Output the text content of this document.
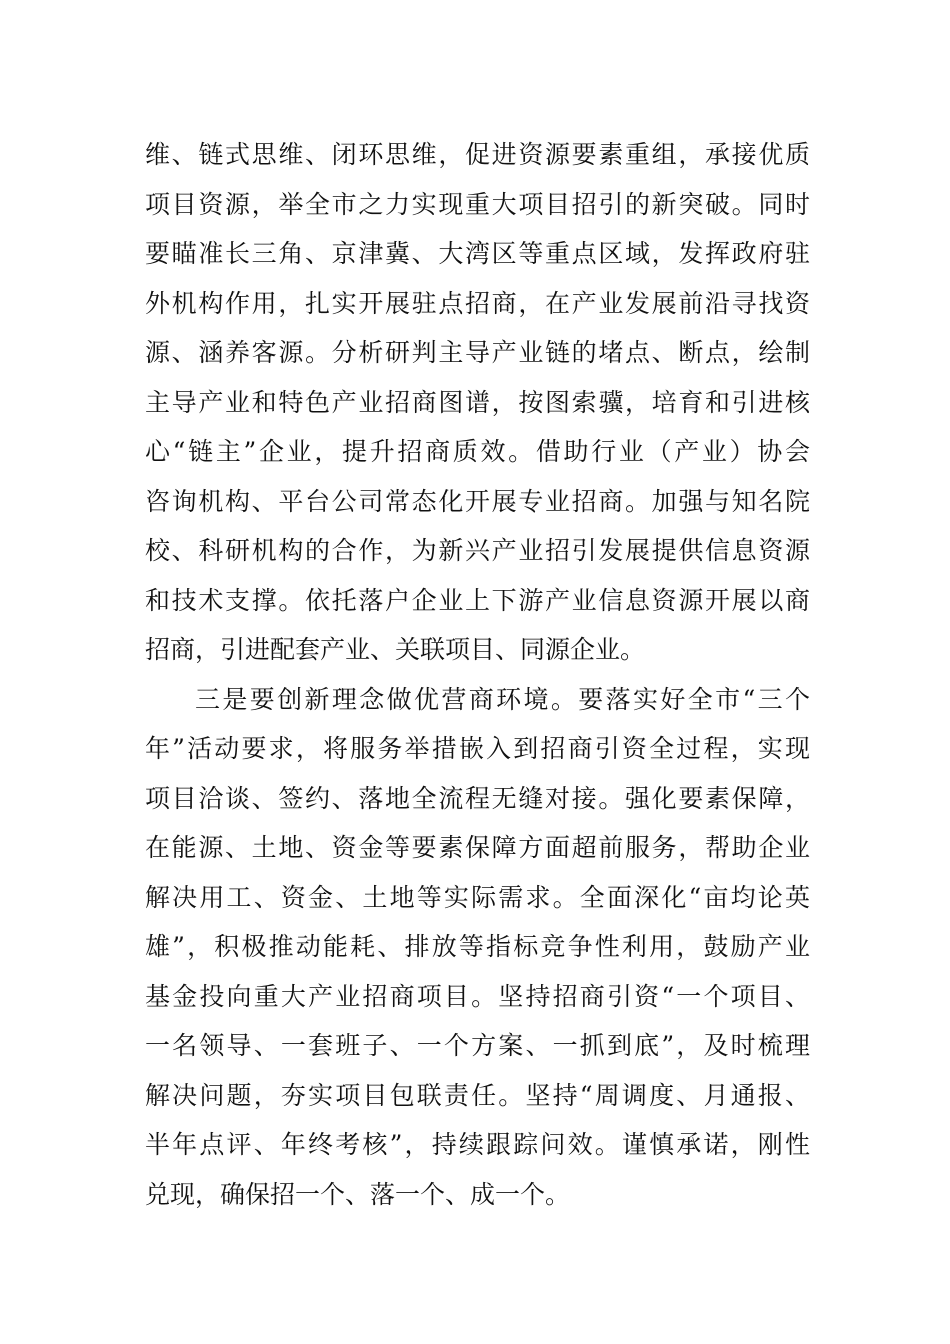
维、链式思维、闭环思维，促进资源要素重组，承接优质
项目资源，举全市之力实现重大项目招引的新突破。同时
要瞄准长三角、京津冀、大湾区等重点区域，发挥政府驻
外机构作用，扎实开展驻点招商，在产业发展前沿寻找资
源、涵养客源。分析研判主导产业链的堵点、断点，绘制
主导产业和特色产业招商图谱，按图索骥，培育和引进核
心“链主”企业，提升招商质效。借助行业（产业）协会
咨询机构、平台公司常态化开展专业招商。加强与知名院
校、科研机构的合作，为新兴产业招引发展提供信息资源
和技术支撑。依托落户企业上下游产业信息资源开展以商
招商，引进配套产业、关联项目、同源企业。
三是要创新理念做优营商环境。要落实好全市“三个
年”活动要求，将服务举措嵌入到招商引资全过程，实现
项目洽谈、签约、落地全流程无缝对接。强化要素保障，
在能源、土地、资金等要素保障方面超前服务，帮助企业
解决用工、资金、土地等实际需求。全面深化“亩均论英
雄”，积极推动能耗、排放等指标竞争性利用，鼓励产业
基金投向重大产业招商项目。坚持招商引资“一个项目、
一名领导、一套班子、一个方案、一抓到底”，及时梳理
解决问题，夯实项目包联责任。坚持“周调度、月通报、
半年点评、年终考核”，持续跟踪问效。谨慎承诺，刚性
兑现，确保招一个、落一个、成一个。
